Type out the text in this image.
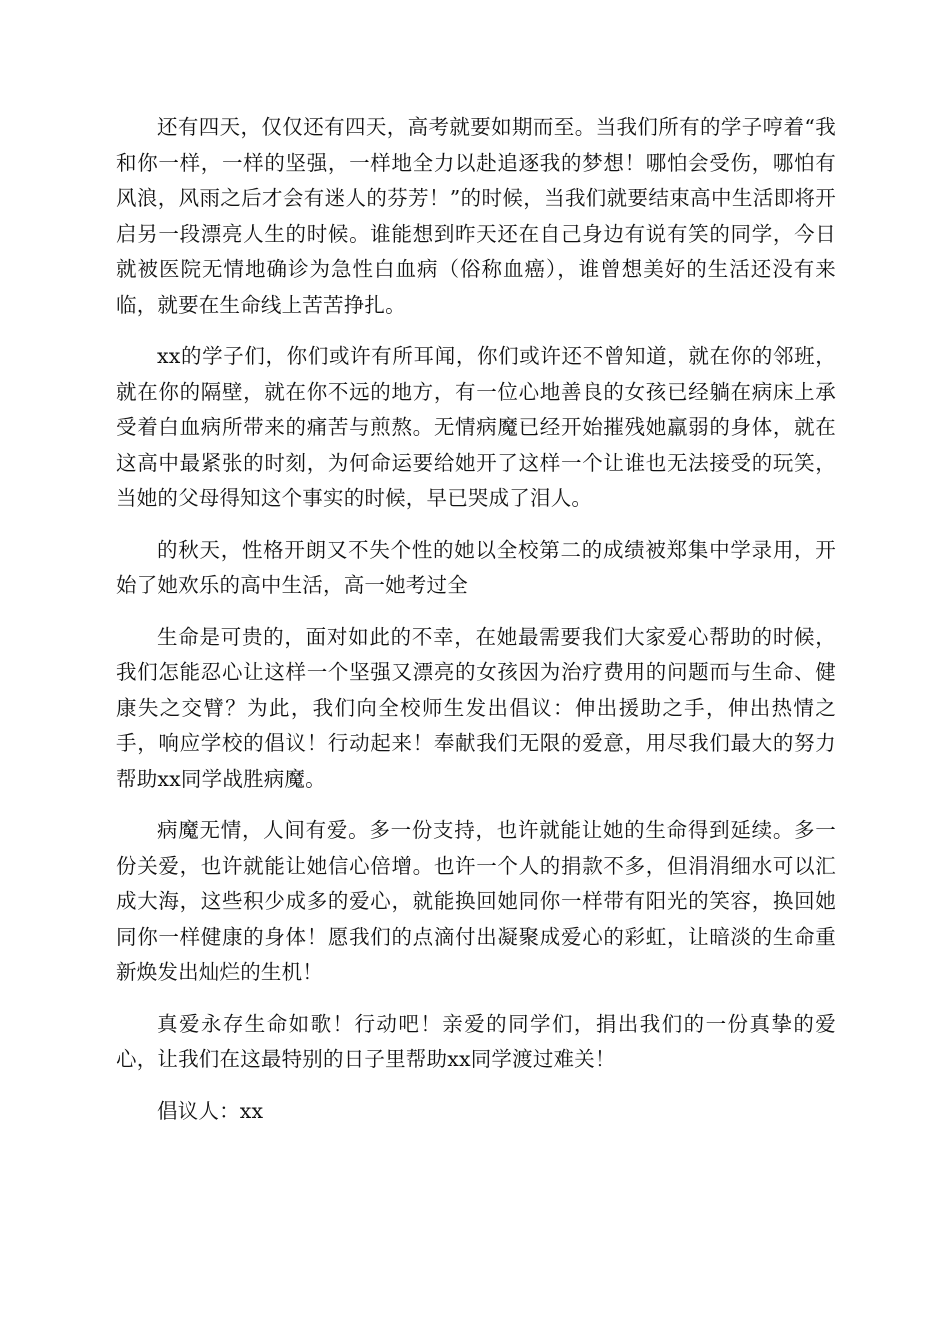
还有四天，仅仅还有四天，高考就要如期而至。当我们所有的学子哼着“我和你一样，一样的坚强，一样地全力以赴追逐我的梦想！哪怕会受伤，哪怕有风浪，风雨之后才会有迷人的芬芳！”的时候，当我们就要结束高中生活即将开启另一段漂亮人生的时候。谁能想到昨天还在自己身边有说有笑的同学，今日就被医院无情地确诊为急性白血病（俗称血癌），谁曾想美好的生活还没有来临，就要在生命线上苦苦挣扎。

xx的学子们，你们或许有所耳闻，你们或许还不曾知道，就在你的邻班，就在你的隔壁，就在你不远的地方，有一位心地善良的女孩已经躺在病床上承受着白血病所带来的痛苦与煎熬。无情病魔已经开始摧残她羸弱的身体，就在这高中最紧张的时刻，为何命运要给她开了这样一个让谁也无法接受的玩笑，当她的父母得知这个事实的时候，早已哭成了泪人。

的秋天，性格开朗又不失个性的她以全校第二的成绩被郑集中学录用，开始了她欢乐的高中生活，高一她考过全

生命是可贵的，面对如此的不幸，在她最需要我们大家爱心帮助的时候，我们怎能忍心让这样一个坚强又漂亮的女孩因为治疗费用的问题而与生命、健康失之交臂？为此，我们向全校师生发出倡议：伸出援助之手，伸出热情之手，响应学校的倡议！行动起来！奉献我们无限的爱意，用尽我们最大的努力帮助xx同学战胜病魔。

病魔无情，人间有爱。多一份支持，也许就能让她的生命得到延续。多一份关爱，也许就能让她信心倍增。也许一个人的捐款不多，但涓涓细水可以汇成大海，这些积少成多的爱心，就能换回她同你一样带有阳光的笑容，换回她同你一样健康的身体！愿我们的点滴付出凝聚成爱心的彩虹，让暗淡的生命重新焕发出灿烂的生机！

真爱永存生命如歌！行动吧！亲爱的同学们，捐出我们的一份真挚的爱心，让我们在这最特别的日子里帮助xx同学渡过难关！

倡议人：xx
